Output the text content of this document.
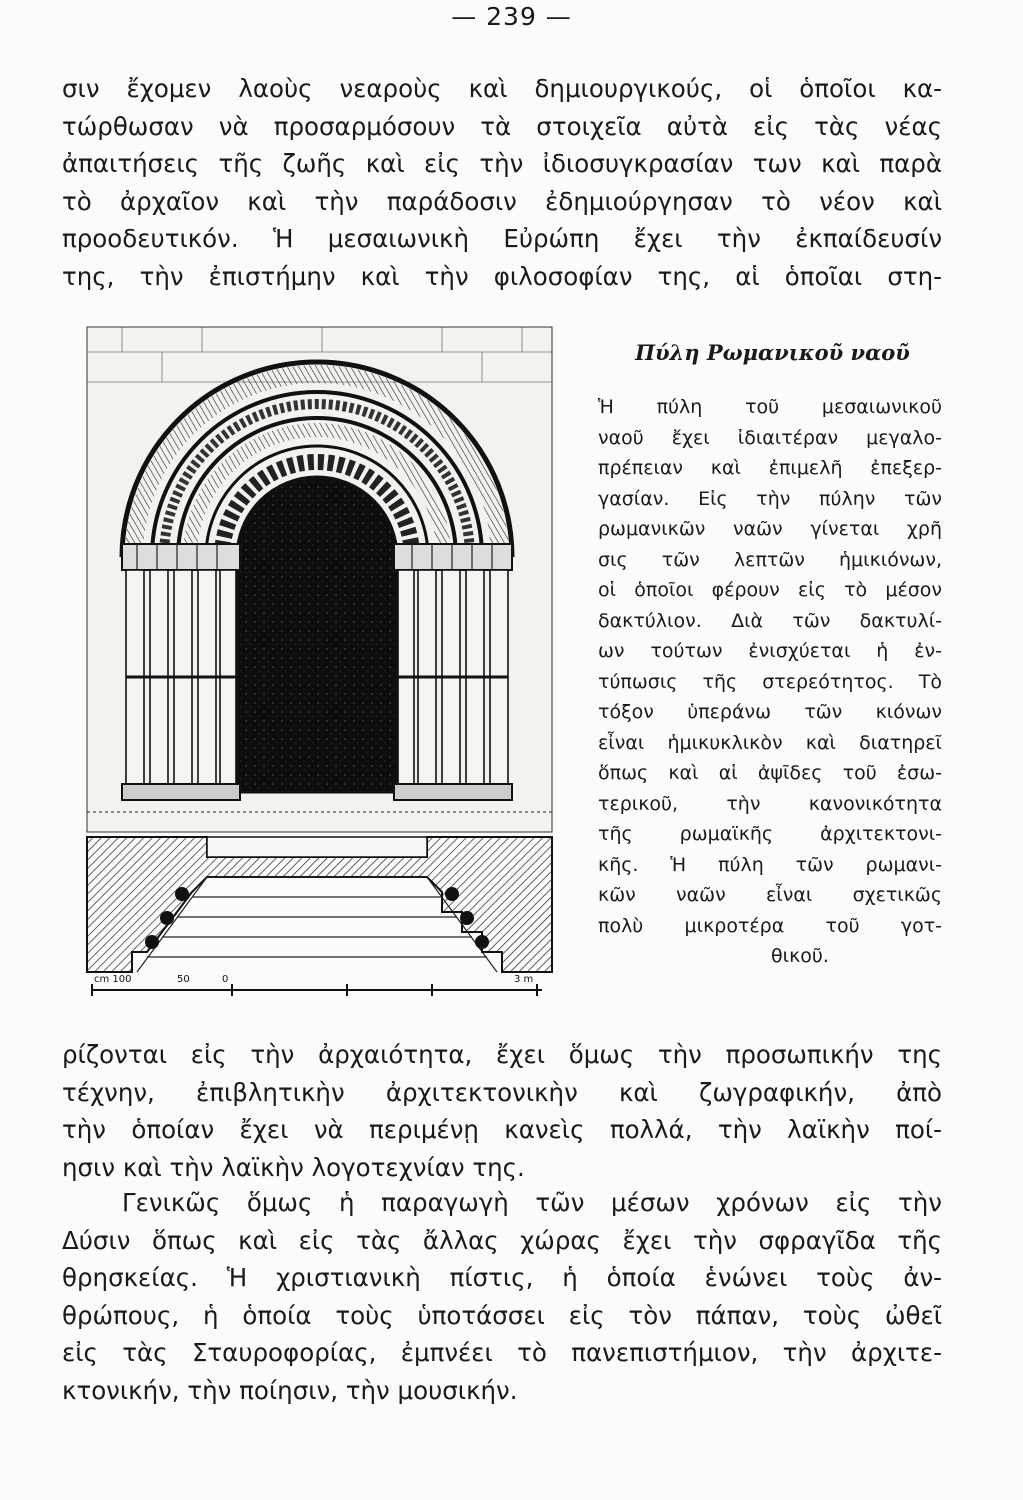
— 239 —
σιν ἔχομεν λαοὺς νεαροὺς καὶ δημιουργικούς, οἱ ὁποῖοι κα-
τώρθωσαν νὰ προσαρμόσουν τὰ στοιχεῖα αὐτὰ εἰς τὰς νέας
ἀπαιτήσεις τῆς ζωῆς καὶ εἰς τὴν ἰδιοσυγκρασίαν των καὶ παρὰ
τὸ ἀρχαῖον καὶ τὴν παράδοσιν ἐδημιούργησαν τὸ νέον καὶ
προοδευτικόν. Ἡ μεσαιωνικὴ Εὐρώπη ἔχει τὴν ἐκπαίδευσίν
της, τὴν ἐπιστήμην καὶ τὴν φιλοσοφίαν της, αἱ ὁποῖαι στη-
cm 100	50	0	3 m
Πύλη Ρωμανικοῦ ναοῦ
Ἡ πύλη τοῦ μεσαιωνικοῦ
ναοῦ ἔχει ἰδιαιτέραν μεγαλο-
πρέπειαν καὶ ἐπιμελῆ ἐπεξερ-
γασίαν. Εἰς τὴν πύλην τῶν
ρωμανικῶν ναῶν γίνεται χρῆ
σις τῶν λεπτῶν ἡμικιόνων,
οἱ ὁποῖοι φέρουν εἰς τὸ μέσον
δακτύλιον. Διὰ τῶν δακτυλί-
ων τούτων ἐνισχύεται ἡ ἐν-
τύπωσις τῆς στερεότητος. Τὸ
τόξον ὑπεράνω τῶν κιόνων
εἶναι ἡμικυκλικὸν καὶ διατηρεῖ
ὅπως καὶ αἱ ἀψῖδες τοῦ ἐσω-
τερικοῦ, τὴν κανονικότητα
τῆς ρωμαϊκῆς ἀρχιτεκτονι-
κῆς. Ἡ πύλη τῶν ρωμανι-
κῶν ναῶν εἶναι σχετικῶς
πολὺ μικροτέρα τοῦ γοτ-
θικοῦ.
ρίζονται εἰς τὴν ἀρχαιότητα, ἔχει ὅμως τὴν προσωπικήν της
τέχνην, ἐπιβλητικὴν ἀρχιτεκτονικὴν καὶ ζωγραφικήν, ἀπὸ
τὴν ὁποίαν ἔχει νὰ περιμένῃ κανεὶς πολλά, τὴν λαϊκὴν ποί-
ησιν καὶ τὴν λαϊκὴν λογοτεχνίαν της.
Γενικῶς ὅμως ἡ παραγωγὴ τῶν μέσων χρόνων εἰς τὴν
Δύσιν ὅπως καὶ εἰς τὰς ἄλλας χώρας ἔχει τὴν σφραγῖδα τῆς
θρησκείας. Ἡ χριστιανικὴ πίστις, ἡ ὁποία ἑνώνει τοὺς ἀν-
θρώπους, ἡ ὁποία τοὺς ὑποτάσσει εἰς τὸν πάπαν, τοὺς ὠθεῖ
εἰς τὰς Σταυροφορίας, ἐμπνέει τὸ πανεπιστήμιον, τὴν ἀρχιτε-
κτονικήν, τὴν ποίησιν, τὴν μουσικήν.
